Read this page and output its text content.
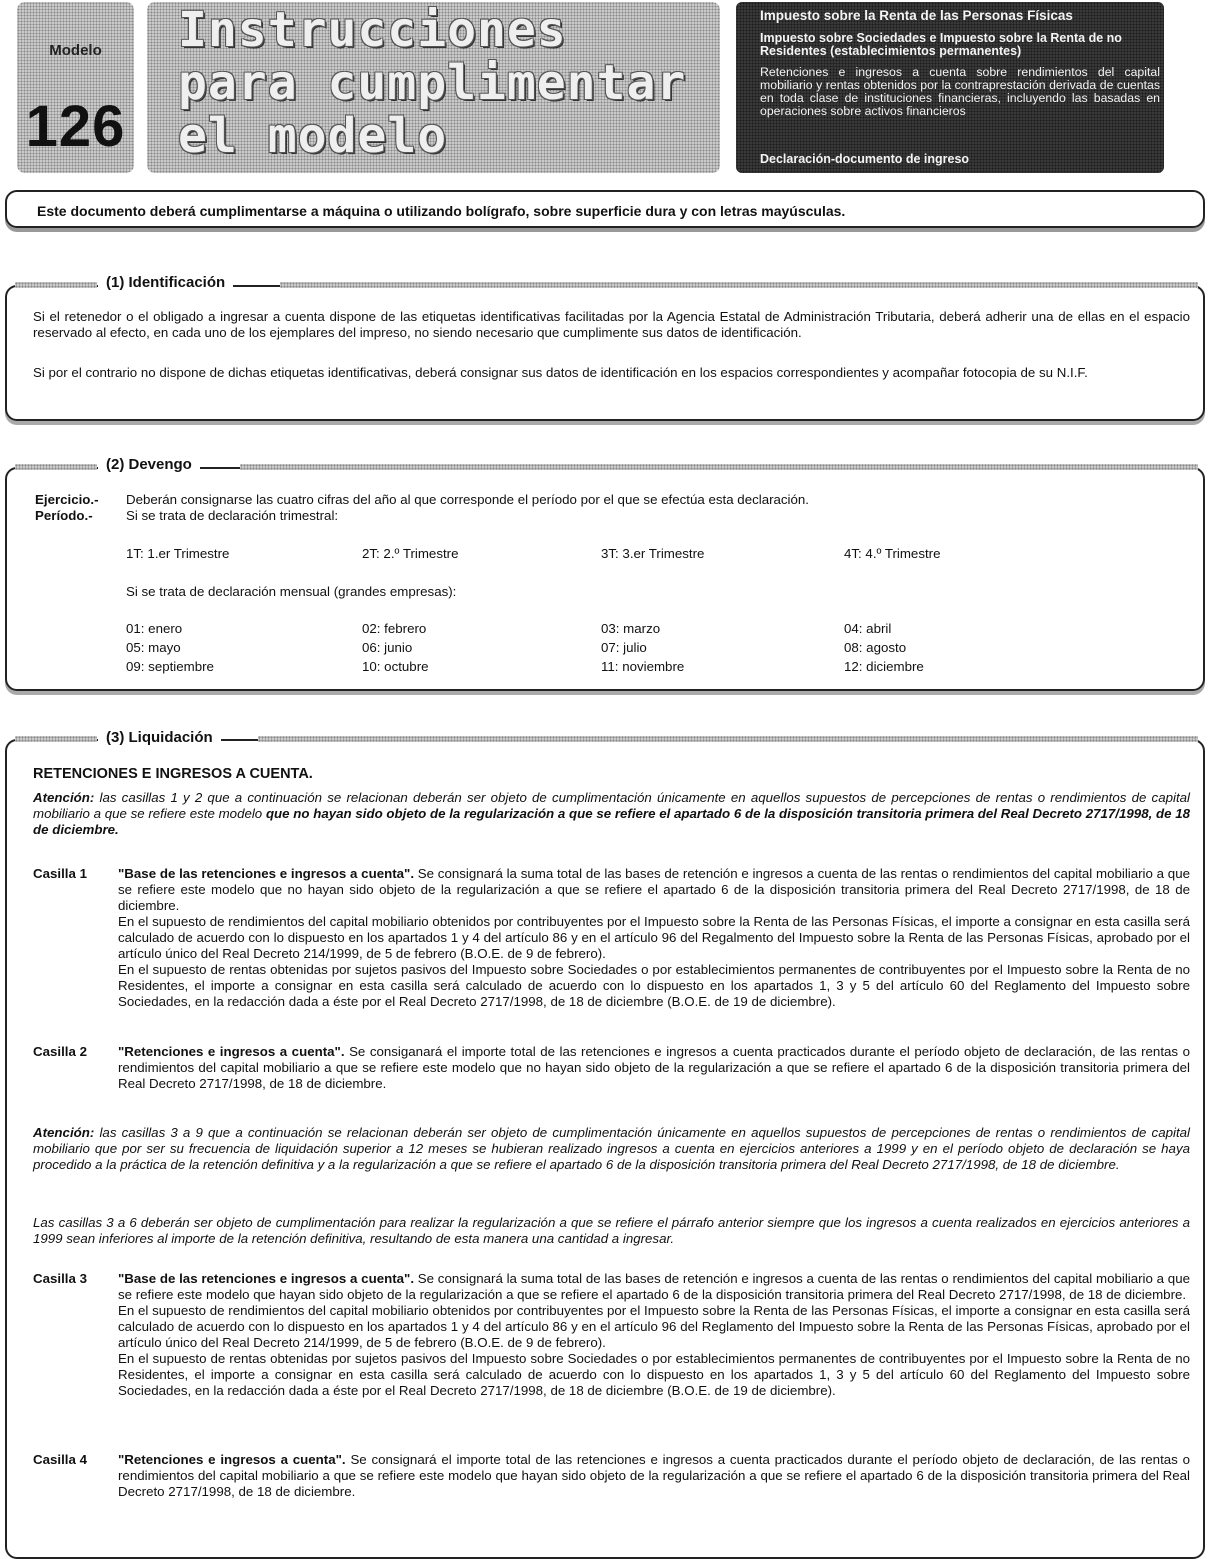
Modelo
126
Instrucciones
para cumplimentar
el modelo
Impuesto sobre la Renta de las Personas Físicas
Impuesto sobre Sociedades e Impuesto sobre la Renta de no Residentes (establecimientos permanentes)
Retenciones e ingresos a cuenta sobre rendimientos del capital mobiliario y rentas obtenidos por la contraprestación derivada de cuentas en toda clase de instituciones financieras, incluyendo las basadas en operaciones sobre activos financieros
Declaración-documento de ingreso
Este documento deberá cumplimentarse a máquina o utilizando bolígrafo, sobre superficie dura y con letras mayúsculas.
(1) Identificación
Si el retenedor o el obligado a ingresar a cuenta dispone de las etiquetas identificativas facilitadas por la Agencia Estatal de Administración Tributaria, deberá adherir una de ellas en el espacio reservado al efecto, en cada uno de los ejemplares del impreso, no siendo necesario que cumplimente sus datos de identificación.
Si por el contrario no dispone de dichas etiquetas identificativas, deberá consignar sus datos de identificación en los espacios correspondientes y acompañar fotocopia de su N.I.F.
(2) Devengo
Ejercicio.- Deberán consignarse las cuatro cifras del año al que corresponde el período por el que se efectúa esta declaración.
Período.-	Si se trata de declaración trimestral:
1T: 1.er Trimestre	2T: 2.º Trimestre	3T: 3.er Trimestre	4T: 4.º Trimestre
Si se trata de declaración mensual (grandes empresas):
01: enero	02: febrero	03: marzo	04: abril
05: mayo	06: junio	07: julio	08: agosto
09: septiembre	10: octubre	11: noviembre	12: diciembre
(3) Liquidación
RETENCIONES E INGRESOS A CUENTA.
Atención: las casillas 1 y 2 que a continuación se relacionan deberán ser objeto de cumplimentación únicamente en aquellos supuestos de percepciones de rentas o rendimientos de capital mobiliario a que se refiere este modelo que no hayan sido objeto de la regularización a que se refiere el apartado 6 de la disposición transitoria primera del Real Decreto 2717/1998, de 18 de diciembre.
Casilla 1 "Base de las retenciones e ingresos a cuenta". Se consignará la suma total de las bases de retención e ingresos a cuenta de las rentas o rendimientos del capital mobiliario a que se refiere este modelo que no hayan sido objeto de la regularización a que se refiere el apartado 6 de la disposición transitoria primera del Real Decreto 2717/1998, de 18 de diciembre.
En el supuesto de rendimientos del capital mobiliario obtenidos por contribuyentes por el Impuesto sobre la Renta de las Personas Físicas, el importe a consignar en esta casilla será calculado de acuerdo con lo dispuesto en los apartados 1 y 4 del artículo 86 y en el artículo 96 del Regalmento del Impuesto sobre la Renta de las Personas Físicas, aprobado por el artículo único del Real Decreto 214/1999, de 5 de febrero (B.O.E. de 9 de febrero).
En el supuesto de rentas obtenidas por sujetos pasivos del Impuesto sobre Sociedades o por establecimientos permanentes de contribuyentes por el Impuesto sobre la Renta de no Residentes, el importe a consignar en esta casilla será calculado de acuerdo con lo dispuesto en los apartados 1, 3 y 5 del artículo 60 del Reglamento del Impuesto sobre Sociedades, en la redacción dada a éste por el Real Decreto 2717/1998, de 18 de diciembre (B.O.E. de 19 de diciembre).
Casilla 2 "Retenciones e ingresos a cuenta". Se consiganará el importe total de las retenciones e ingresos a cuenta practicados durante el período objeto de declaración, de las rentas o rendimientos del capital mobiliario a que se refiere este modelo que no hayan sido objeto de la regularización a que se refiere el apartado 6 de la disposición transitoria primera del Real Decreto 2717/1998, de 18 de diciembre.
Atención: las casillas 3 a 9 que a continuación se relacionan deberán ser objeto de cumplimentación únicamente en aquellos supuestos de percepciones de rentas o rendimientos de capital mobiliario que por ser su frecuencia de liquidación superior a 12 meses se hubieran realizado ingresos a cuenta en ejercicios anteriores a 1999 y en el período objeto de declaración se haya procedido a la práctica de la retención definitiva y a la regularización a que se refiere el apartado 6 de la disposición transitoria primera del Real Decreto 2717/1998, de 18 de diciembre.
Las casillas 3 a 6 deberán ser objeto de cumplimentación para realizar la regularización a que se refiere el párrafo anterior siempre que los ingresos a cuenta realizados en ejercicios anteriores a 1999 sean inferiores al importe de la retención definitiva, resultando de esta manera una cantidad a ingresar.
Casilla 3 "Base de las retenciones e ingresos a cuenta". Se consignará la suma total de las bases de retención e ingresos a cuenta de las rentas o rendimientos del capital mobiliario a que se refiere este modelo que hayan sido objeto de la regularización a que se refiere el apartado 6 de la disposición transitoria primera del Real Decreto 2717/1998, de 18 de diciembre.
En el supuesto de rendimientos del capital mobiliario obtenidos por contribuyentes por el Impuesto sobre la Renta de las Personas Físicas, el importe a consignar en esta casilla será calculado de acuerdo con lo dispuesto en los apartados 1 y 4 del artículo 86 y en el artículo 96 del Reglamento del Impuesto sobre la Renta de las Personas Físicas, aprobado por el artículo único del Real Decreto 214/1999, de 5 de febrero (B.O.E. de 9 de febrero).
En el supuesto de rentas obtenidas por sujetos pasivos del Impuesto sobre Sociedades o por establecimientos permanentes de contribuyentes por el Impuesto sobre la Renta de no Residentes, el importe a consignar en esta casilla será calculado de acuerdo con lo dispuesto en los apartados 1, 3 y 5 del artículo 60 del Reglamento del Impuesto sobre Sociedades, en la redacción dada a éste por el Real Decreto 2717/1998, de 18 de diciembre (B.O.E. de 19 de diciembre).
Casilla 4 "Retenciones e ingresos a cuenta". Se consignará el importe total de las retenciones e ingresos a cuenta practicados durante el período objeto de declaración, de las rentas o rendimientos del capital mobiliario a que se refiere este modelo que hayan sido objeto de la regularización a que se refiere el apartado 6 de la disposición transitoria primera del Real Decreto 2717/1998, de 18 de diciembre.
